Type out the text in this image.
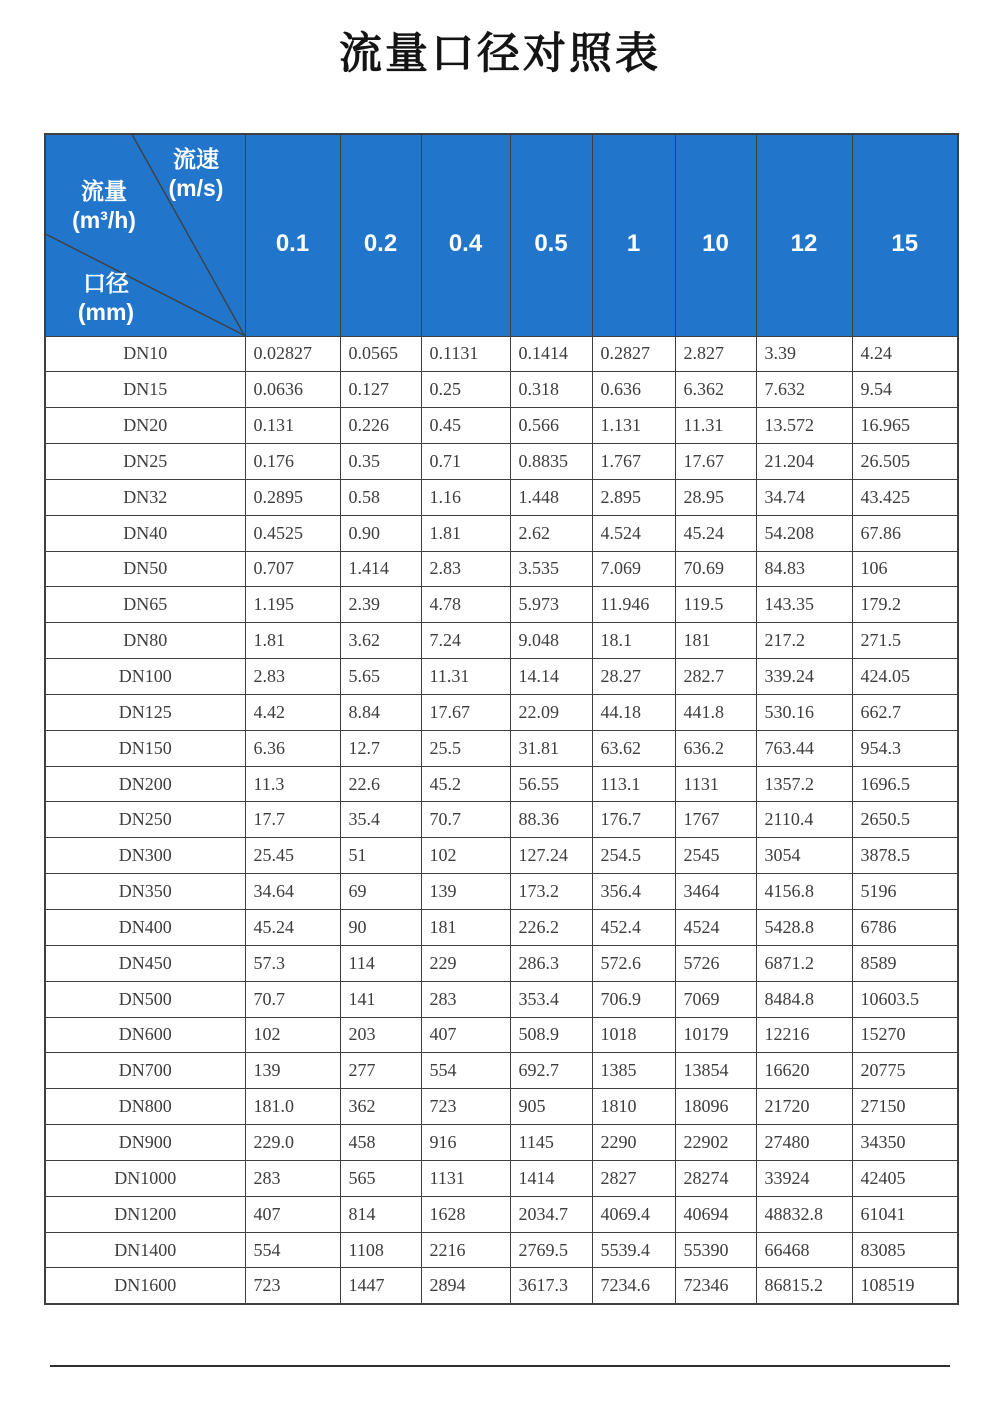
流量口径对照表
流速
(m/s)
流量
(m³/h)
口径
(mm)
	0.1	0.2	0.4	0.5	1	10	12	15
DN10	0.02827	0.0565	0.1131	0.1414	0.2827	2.827	3.39	4.24
DN15	0.0636	0.127	0.25	0.318	0.636	6.362	7.632	9.54
DN20	0.131	0.226	0.45	0.566	1.131	11.31	13.572	16.965
DN25	0.176	0.35	0.71	0.8835	1.767	17.67	21.204	26.505
DN32	0.2895	0.58	1.16	1.448	2.895	28.95	34.74	43.425
DN40	0.4525	0.90	1.81	2.62	4.524	45.24	54.208	67.86
DN50	0.707	1.414	2.83	3.535	7.069	70.69	84.83	106
DN65	1.195	2.39	4.78	5.973	11.946	119.5	143.35	179.2
DN80	1.81	3.62	7.24	9.048	18.1	181	217.2	271.5
DN100	2.83	5.65	11.31	14.14	28.27	282.7	339.24	424.05
DN125	4.42	8.84	17.67	22.09	44.18	441.8	530.16	662.7
DN150	6.36	12.7	25.5	31.81	63.62	636.2	763.44	954.3
DN200	11.3	22.6	45.2	56.55	113.1	1131	1357.2	1696.5
DN250	17.7	35.4	70.7	88.36	176.7	1767	2110.4	2650.5
DN300	25.45	51	102	127.24	254.5	2545	3054	3878.5
DN350	34.64	69	139	173.2	356.4	3464	4156.8	5196
DN400	45.24	90	181	226.2	452.4	4524	5428.8	6786
DN450	57.3	114	229	286.3	572.6	5726	6871.2	8589
DN500	70.7	141	283	353.4	706.9	7069	8484.8	10603.5
DN600	102	203	407	508.9	1018	10179	12216	15270
DN700	139	277	554	692.7	1385	13854	16620	20775
DN800	181.0	362	723	905	1810	18096	21720	27150
DN900	229.0	458	916	1145	2290	22902	27480	34350
DN1000	283	565	1131	1414	2827	28274	33924	42405
DN1200	407	814	1628	2034.7	4069.4	40694	48832.8	61041
DN1400	554	1108	2216	2769.5	5539.4	55390	66468	83085
DN1600	723	1447	2894	3617.3	7234.6	72346	86815.2	108519
